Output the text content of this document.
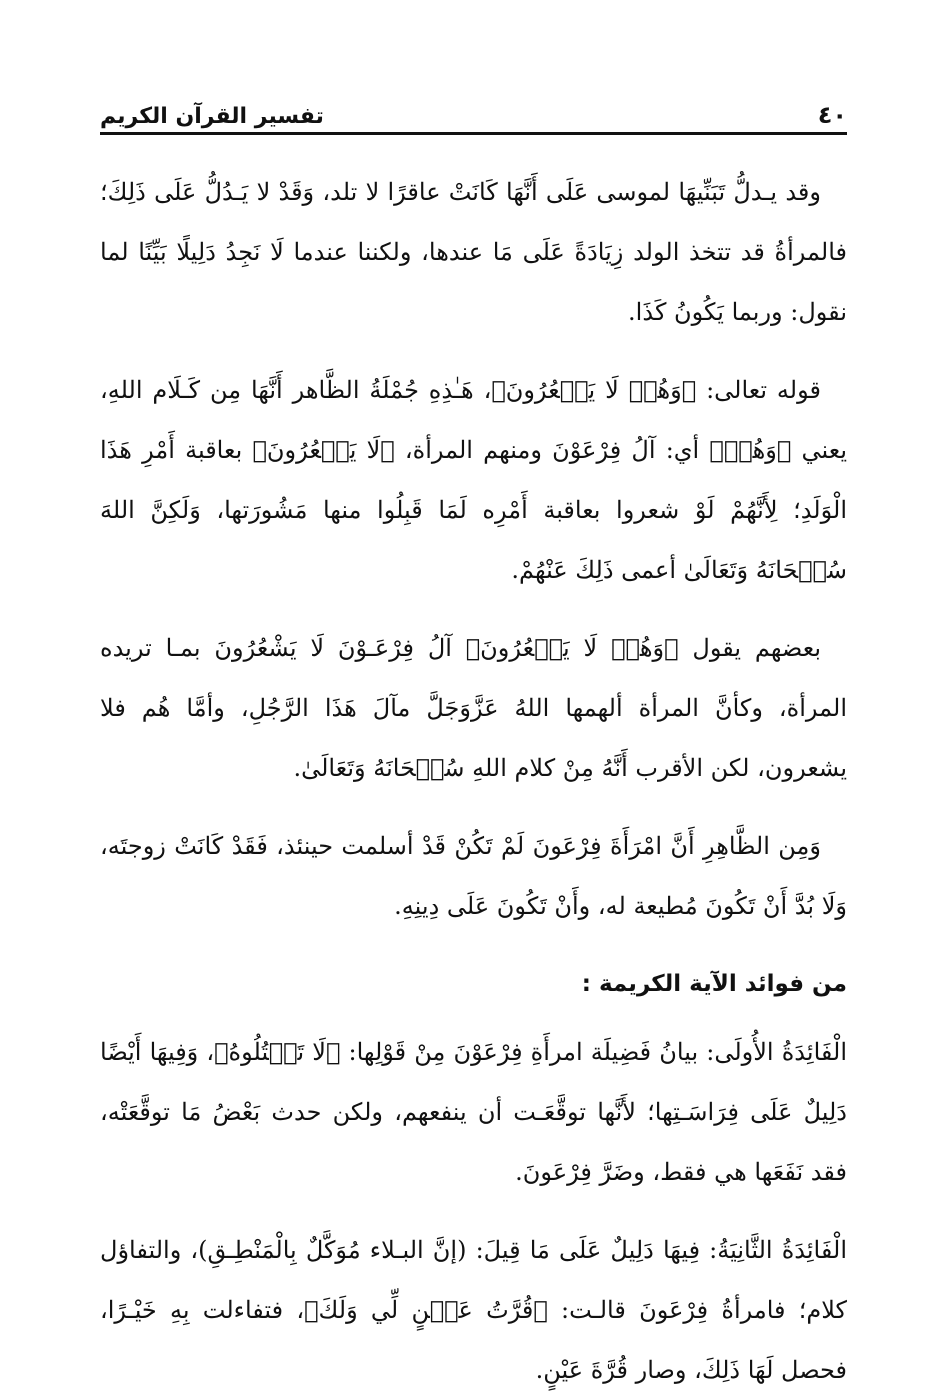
٤٠
تفسير القرآن الكريم

وقد يـدلُّ تَبَنِّيهَا لموسى عَلَى أَنَّهَا كَانَتْ عاقرًا لا تلد، وَقَدْ لا يَـدُلُّ عَلَى ذَلِكَ؛ فالمرأةُ قد تتخذ الولد زِيَادَةً عَلَى مَا عندها، ولكننا عندما لَا نَجِدُ دَلِيلًا بَيِّنًا لما نقول: وربما يَكُونُ كَذَا.

قوله تعالى: ﴿وَهُمۡ لَا يَشۡعُرُونَ﴾، هَـٰذِهِ جُمْلَةُ الظَّاهر أَنَّهَا مِن كَـلَام اللهِ، يعني ﴿وَهُمۡ﴾ أي: آلُ فِرْعَوْنَ ومنهم المرأة، ﴿لَا يَشۡعُرُونَ﴾ بعاقبة أَمْرِ هَذَا الْوَلَدِ؛ لِأَنَّهُمْ لَوْ شعروا بعاقبة أَمْرِه لَمَا قَبِلُوا منها مَشُورَتها، وَلَكِنَّ اللهَ سُبۡحَانَهُ وَتَعَالَىٰ أعمى ذَلِكَ عَنْهُمْ.

بعضهم يقول ﴿وَهُمۡ لَا يَشۡعُرُونَ﴾ آلُ فِرْعَـوْنَ لَا يَشْعُرُونَ بمـا تريده المرأة، وكأنَّ المرأة ألهمها اللهُ عَزَّوَجَلَّ مآلَ هَذَا الرَّجُلِ، وأمَّا هُم فلا يشعرون، لكن الأقرب أَنَّهُ مِنْ كلام اللهِ سُبۡحَانَهُ وَتَعَالَىٰ.

وَمِن الظَّاهِرِ أَنَّ امْرَأَةَ فِرْعَونَ لَمْ تَكُنْ قَدْ أسلمت حينئذ، فَقَدْ كَانَتْ زوجتَه، وَلَا بُدَّ أَنْ تَكُونَ مُطيعة له، وأَنْ تَكُونَ عَلَى دِينِهِ.

من فوائد الآية الكريمة :

الْفَائِدَةُ الأُولَى: بيانُ فَضِيلَة امرأَةِ فِرْعَوْنَ مِنْ قَوْلِها: ﴿لَا تَقۡتُلُوهُ﴾، وَفِيهَا أَيْضًا دَلِيلٌ عَلَى فِرَاسَـتِها؛ لأَنَّها توقَّعَـت أن ينفعهم، ولكن حدث بَعْضُ مَا توقَّعَتْه، فقد نَفَعَها هي فقط، وضَرَّ فِرْعَونَ.

الْفَائِدَةُ الثَّانِيَةُ: فِيهَا دَلِيلٌ عَلَى مَا قِيلَ: (إنَّ البـلاء مُوَكَّلٌ بِالْمَنْطِـقِ)، والتفاؤل كلام؛ فامرأةُ فِرْعَونَ قالـت: ﴿قُرَّتُ عَيۡنٍ لِّي وَلَكَ﴾، فتفاءلت بِهِ خَيْـرًا، فحصل لَهَا ذَلِكَ، وصار قُرَّةَ عَيْنٍ.
